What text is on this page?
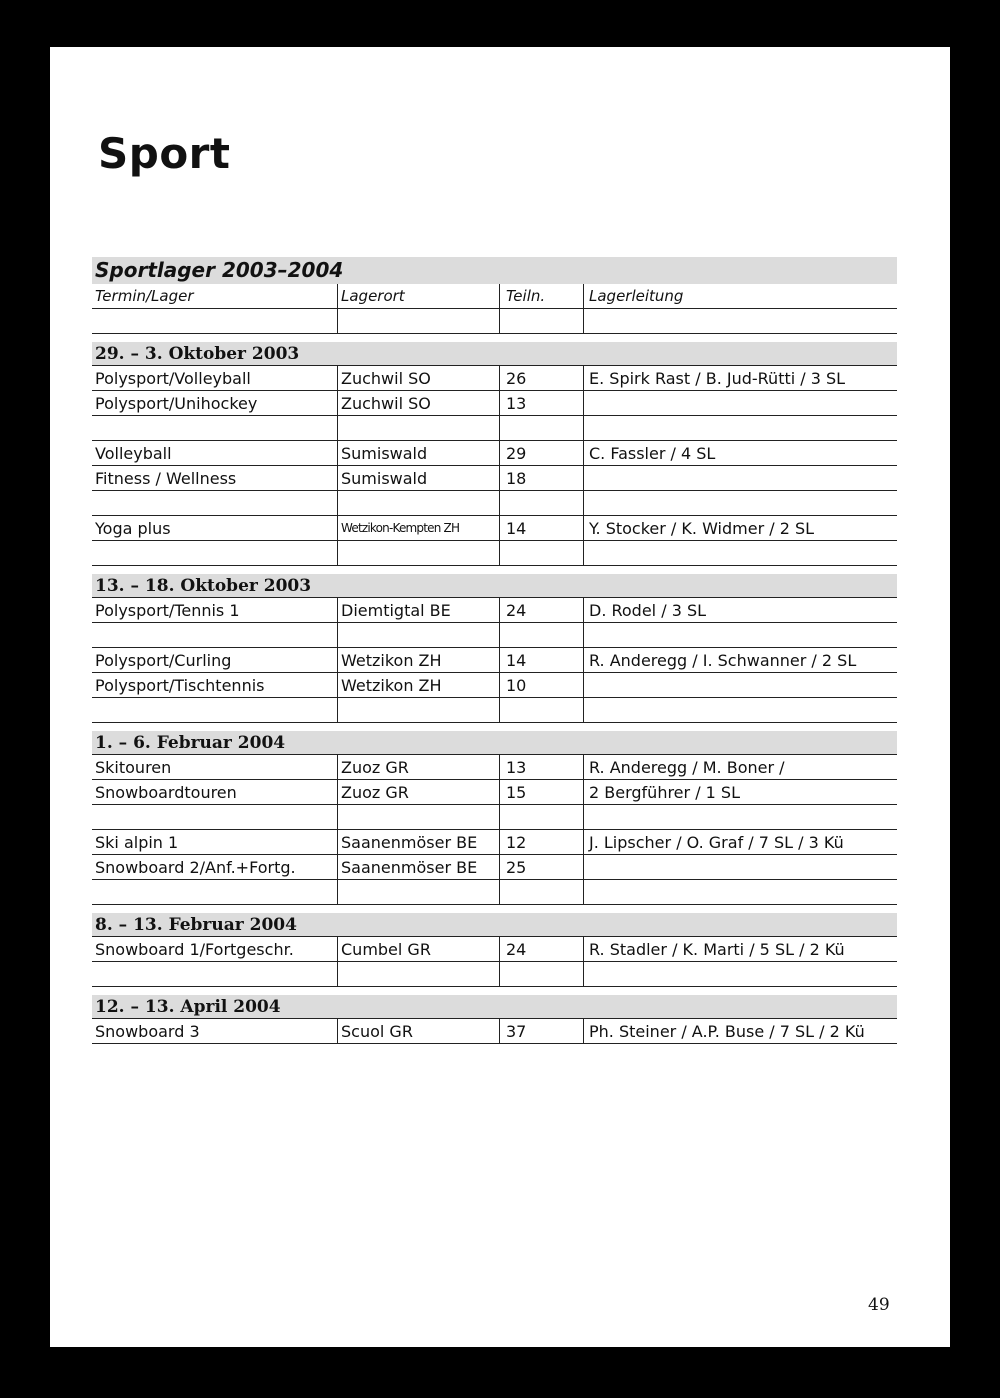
Sport
Sportlager 2003–2004
Termin/Lager	Lagerort	Teiln.	Lagerleitung
29. – 3. Oktober 2003
Polysport/Volleyball	Zuchwil SO	26	E. Spirk Rast / B. Jud-Rütti / 3 SL
Polysport/Unihockey	Zuchwil SO	13
Volleyball	Sumiswald	29	C. Fassler / 4 SL
Fitness / Wellness	Sumiswald	18
Yoga plus	Wetzikon-Kempten ZH	14	Y. Stocker / K. Widmer / 2 SL
13. – 18. Oktober 2003
Polysport/Tennis 1	Diemtigtal BE	24	D. Rodel / 3 SL
Polysport/Curling	Wetzikon ZH	14	R. Anderegg / I. Schwanner / 2 SL
Polysport/Tischtennis	Wetzikon ZH	10
1. – 6. Februar 2004
Skitouren	Zuoz GR	13	R. Anderegg / M. Boner /
Snowboardtouren	Zuoz GR	15	2 Bergführer / 1 SL
Ski alpin 1	Saanenmöser BE	12	J. Lipscher / O. Graf / 7 SL / 3 Kü
Snowboard 2/Anf.+Fortg.	Saanenmöser BE	25
8. – 13. Februar 2004
Snowboard 1/Fortgeschr.	Cumbel GR	24	R. Stadler / K. Marti / 5 SL / 2 Kü
12. – 13. April 2004
Snowboard 3	Scuol GR	37	Ph. Steiner / A.P. Buse / 7 SL / 2 Kü
49
